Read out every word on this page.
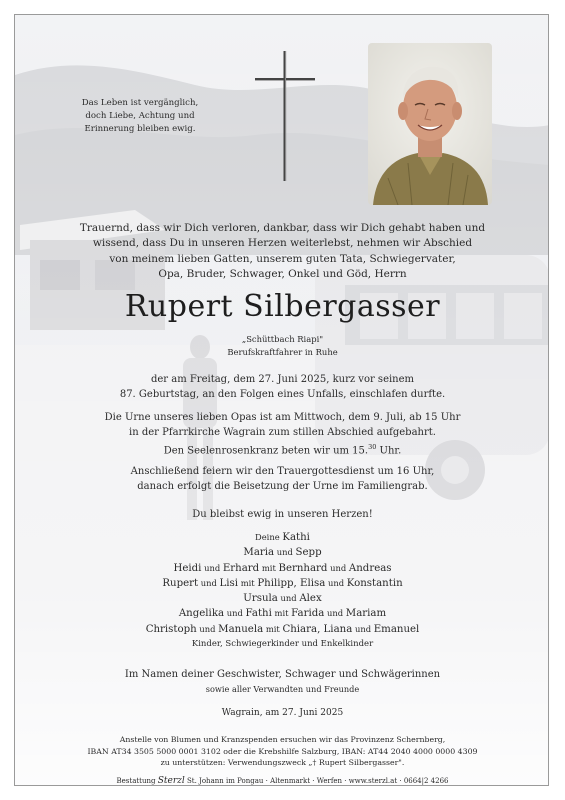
Das Leben ist vergänglich,
doch Liebe, Achtung und
Erinnerung bleiben ewig.
Trauernd, dass wir Dich verloren, dankbar, dass wir Dich gehabt haben und
wissend, dass Du in unseren Herzen weiterlebst, nehmen wir Abschied
von meinem lieben Gatten, unserem guten Tata, Schwiegervater,
Opa, Bruder, Schwager, Onkel und Göd, Herrn
Rupert Silbergasser
„Schüttbach Riapi"
Berufskraftfahrer in Ruhe
der am Freitag, dem 27. Juni 2025, kurz vor seinem
87. Geburtstag, an den Folgen eines Unfalls, einschlafen durfte.
Die Urne unseres lieben Opas ist am Mittwoch, dem 9. Juli, ab 15 Uhr
in der Pfarrkirche Wagrain zum stillen Abschied aufgebahrt.
Den Seelenrosenkranz beten wir um 15.30 Uhr.
Anschließend feiern wir den Trauergottesdienst um 16 Uhr,
danach erfolgt die Beisetzung der Urne im Familiengrab.
Du bleibst ewig in unseren Herzen!
Deine Kathi
Maria und Sepp
Heidi und Erhard mit Bernhard und Andreas
Rupert und Lisi mit Philipp, Elisa und Konstantin
Ursula und Alex
Angelika und Fathi mit Farida und Mariam
Christoph und Manuela mit Chiara, Liana und Emanuel
Kinder, Schwiegerkinder und Enkelkinder
Im Namen deiner Geschwister, Schwager und Schwägerinnen
sowie aller Verwandten und Freunde
Wagrain, am 27. Juni 2025
Anstelle von Blumen und Kranzspenden ersuchen wir das Provinzenz Schernberg,
IBAN AT34 3505 5000 0001 3102 oder die Krebshilfe Salzburg, IBAN: AT44 2040 4000 0000 4309
zu unterstützen: Verwendungszweck „† Rupert Silbergasser".
Bestattung Sterzl St. Johann im Pongau · Altenmarkt · Werfen · www.sterzl.at · 0664|2 4266
